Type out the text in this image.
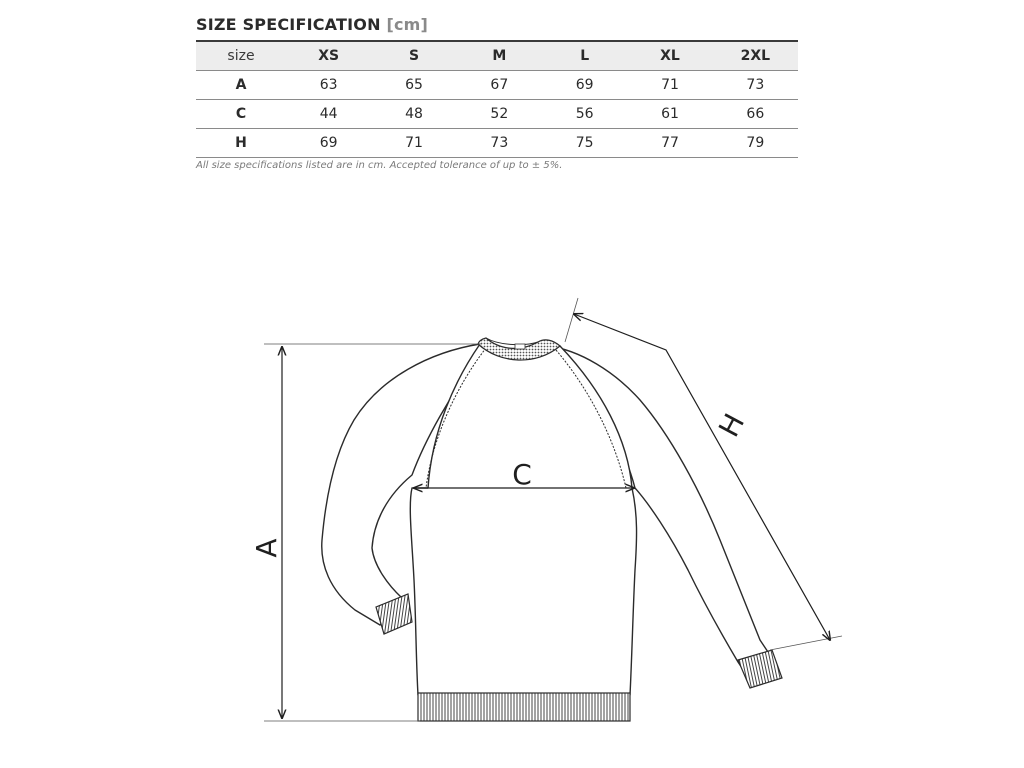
SIZE SPECIFICATION [cm]
size	XS	S	M	L	XL	2XL
A	63	65	67	69	71	73
C	44	48	52	56	61	66
H	69	71	73	75	77	79

All size specifications listed are in cm. Accepted tolerance of up to ± 5%.

A
C
H
